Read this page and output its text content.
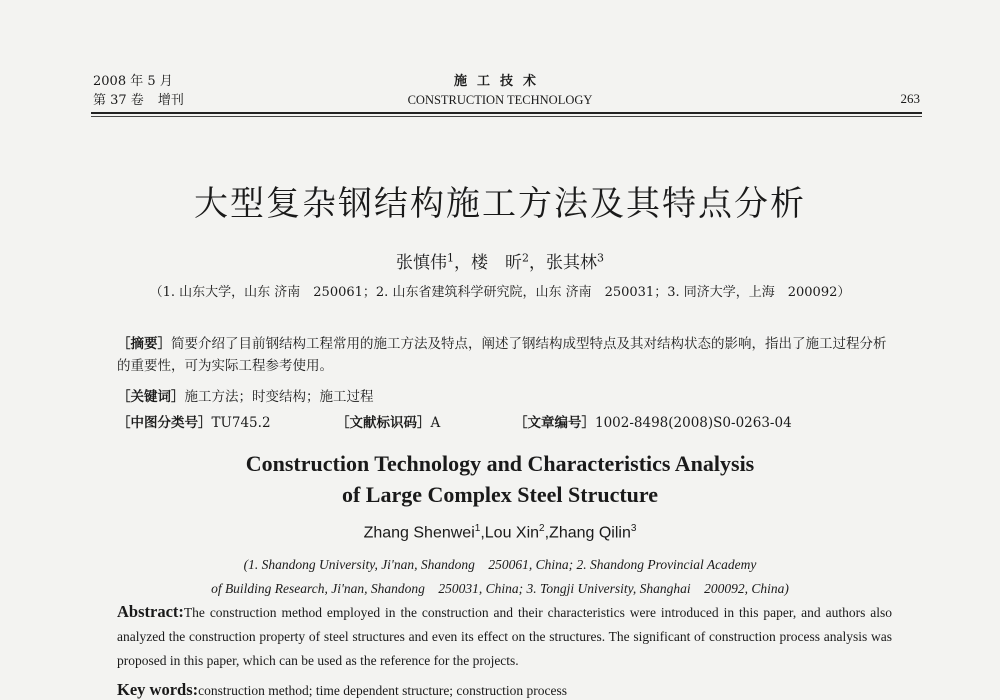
2008 年 5 月
第 37 卷 增刊
施工技术
CONSTRUCTION TECHNOLOGY	263
大型复杂钢结构施工方法及其特点分析
张慎伟$^1$，楼　昕$^2$，张其林$^3$
（1. 山东大学，山东 济南　250061；2. 山东省建筑科学研究院，山东 济南　250031；3. 同济大学，上海　200092）
［摘要］简要介绍了目前钢结构工程常用的施工方法及特点，阐述了钢结构成型特点及其对结构状态的影响，指出了施工过程分析的重要性，可为实际工程参考使用。
［关键词］施工方法；时变结构；施工过程
［中图分类号］TU745.2	［文献标识码］A	［文章编号］1002-8498(2008)S0-0263-04
Construction Technology and Characteristics Analysis
of Large Complex Steel Structure
Zhang Shenwei$^1$,Lou Xin$^2$,Zhang Qilin$^3$
(1. Shandong University, Ji'nan, Shandong　250061, China; 2. Shandong Provincial Academy
of Building Research, Ji'nan, Shandong　250031, China; 3. Tongji University, Shanghai　200092, China)
Abstract:The construction method employed in the construction and their characteristics were introduced in this paper, and authors also analyzed the construction property of steel structures and even its effect on the structures. The significant of construction process analysis was proposed in this paper, which can be used as the reference for the projects.
Key words:construction method; time dependent structure; construction process
